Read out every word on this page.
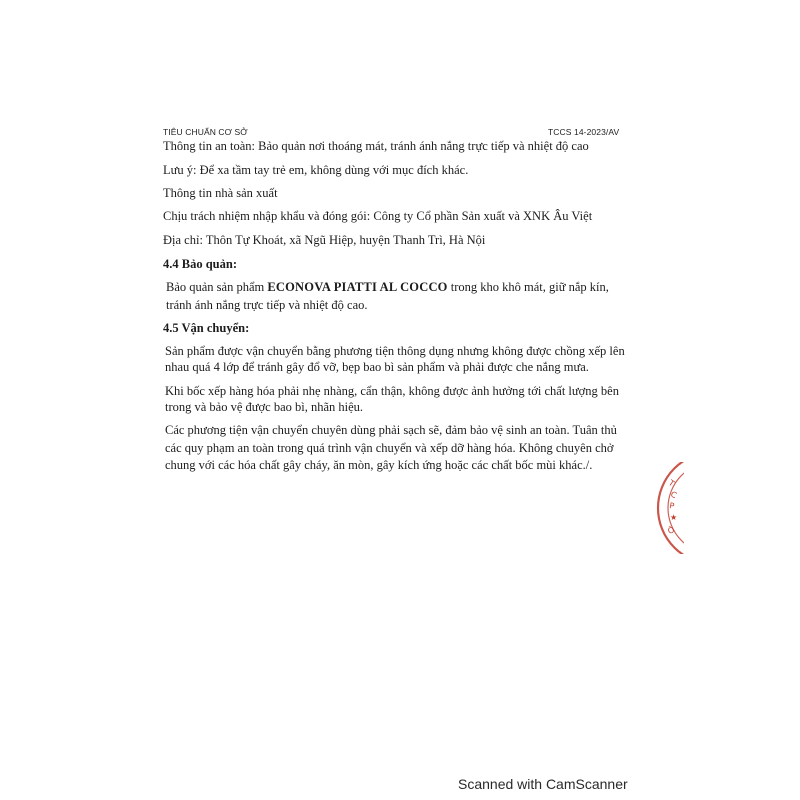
TIÊU CHUẨN CƠ SỞ	TCCS 14-2023/AV
Thông tin an toàn: Bảo quản nơi thoáng mát, tránh ánh nắng trực tiếp và nhiệt độ cao
Lưu ý: Để xa tầm tay trẻ em, không dùng với mục đích khác.
Thông tin nhà sản xuất
Chịu trách nhiệm nhập khẩu và đóng gói: Công ty Cổ phần Sản xuất và XNK Âu Việt
Địa chỉ: Thôn Tự Khoát, xã Ngũ Hiệp, huyện Thanh Trì, Hà Nội
4.4 Bảo quản:
Bảo quản sản phẩm ECONOVA PIATTI AL COCCO trong kho khô mát, giữ nắp kín,
tránh ánh nắng trực tiếp và nhiệt độ cao.
4.5 Vận chuyển:
Sản phẩm được vận chuyển bằng phương tiện thông dụng nhưng không được chồng xếp lên
nhau quá 4 lớp để tránh gây đổ vỡ, bẹp bao bì sản phẩm và phải được che nắng mưa.
Khi bốc xếp hàng hóa phải nhẹ nhàng, cẩn thận, không được ảnh hưởng tới chất lượng bên
trong và bảo vệ được bao bì, nhãn hiệu.
Các phương tiện vận chuyển chuyên dùng phải sạch sẽ, đảm bảo vệ sinh an toàn. Tuân thủ
các quy phạm an toàn trong quá trình vận chuyển và xếp dỡ hàng hóa. Không chuyên chở
chung với các hóa chất gây cháy, ăn mòn, gây kích ứng hoặc các chất bốc mùi khác./.
T
C
P
★
Ô
Scanned with CamScanner
